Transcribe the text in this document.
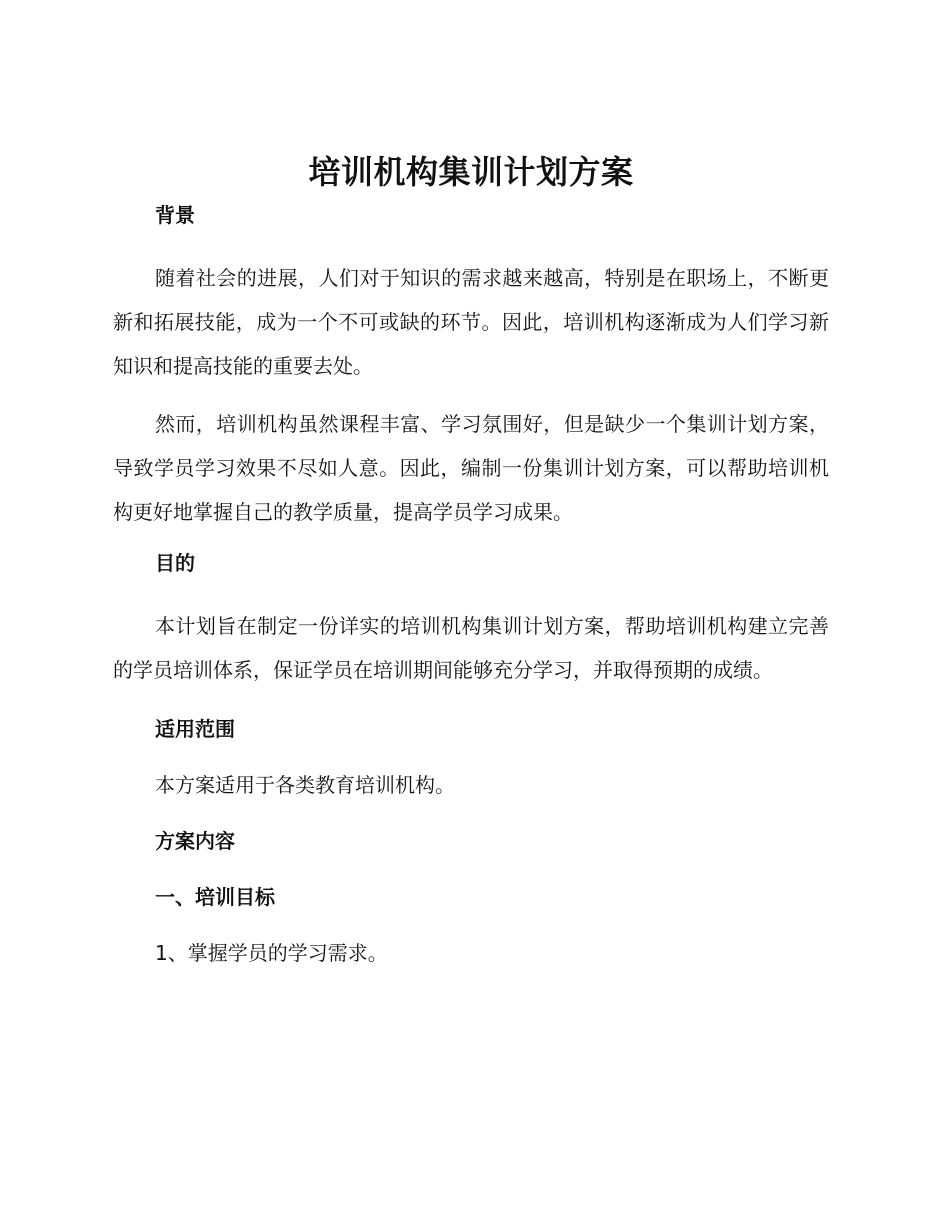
培训机构集训计划方案
背景

随着社会的进展，人们对于知识的需求越来越高，特别是在职场上，不断更新和拓展技能，成为一个不可或缺的环节。因此，培训机构逐渐成为人们学习新知识和提高技能的重要去处。

然而，培训机构虽然课程丰富、学习氛围好，但是缺少一个集训计划方案，导致学员学习效果不尽如人意。因此，编制一份集训计划方案，可以帮助培训机构更好地掌握自己的教学质量，提高学员学习成果。

目的

本计划旨在制定一份详实的培训机构集训计划方案，帮助培训机构建立完善的学员培训体系，保证学员在培训期间能够充分学习，并取得预期的成绩。

适用范围

本方案适用于各类教育培训机构。

方案内容
一、培训目标

1、掌握学员的学习需求。
